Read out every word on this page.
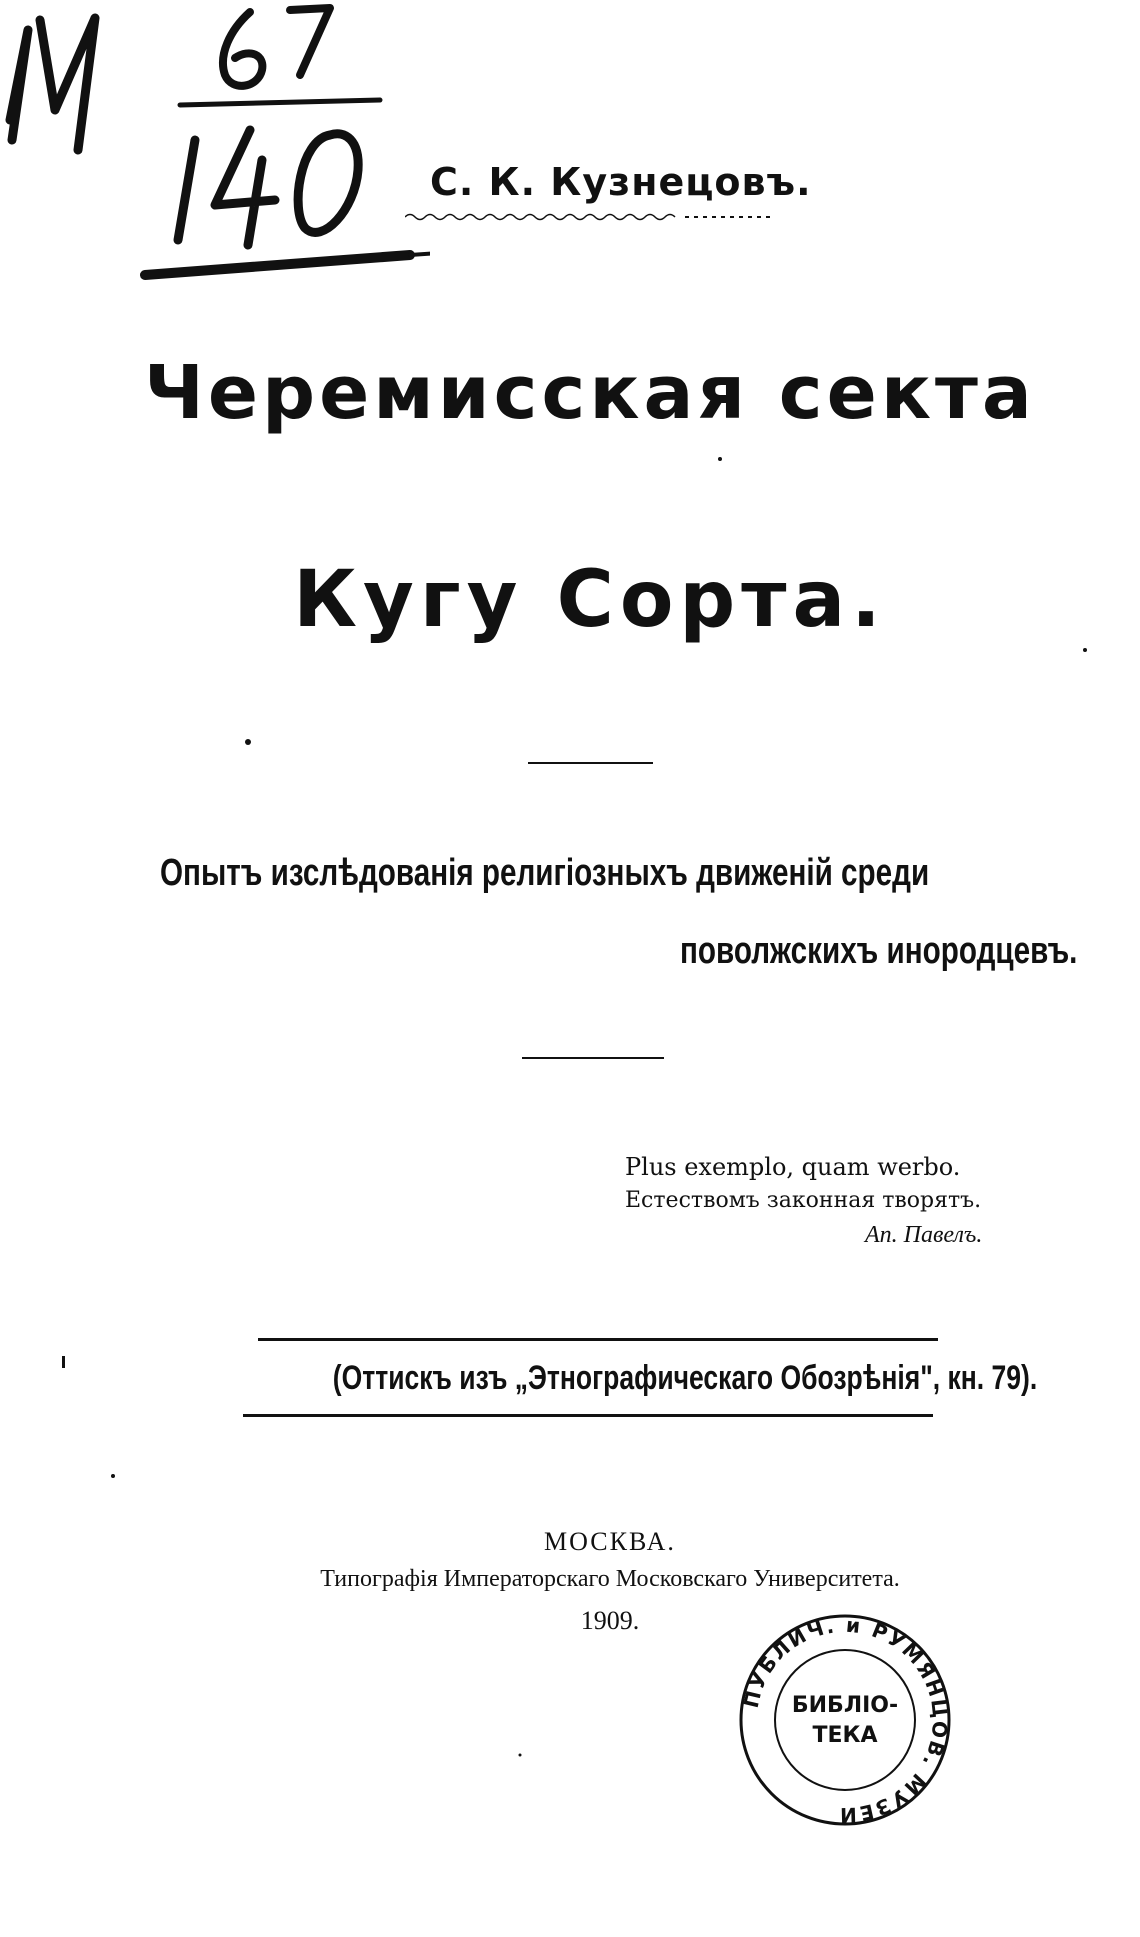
С. К. Кузнецовъ.
Черемисская секта
Кугу Сорта.
Опытъ изслѣдованія религіозныхъ движеній среди
поволжскихъ инородцевъ.
Plus exemplo, quam werbo.
Естествомъ законная творятъ.
Ап. Павелъ.
(Оттискъ изъ „Этнографическаго Обозрѣнія", кн. 79).
МОСКВА.
Типографія Императорскаго Московскаго Университета.
1909.
ПУБЛИЧ. и РУМЯНЦОВ. МУЗЕИ
БИБЛІО-
ТЕКА
